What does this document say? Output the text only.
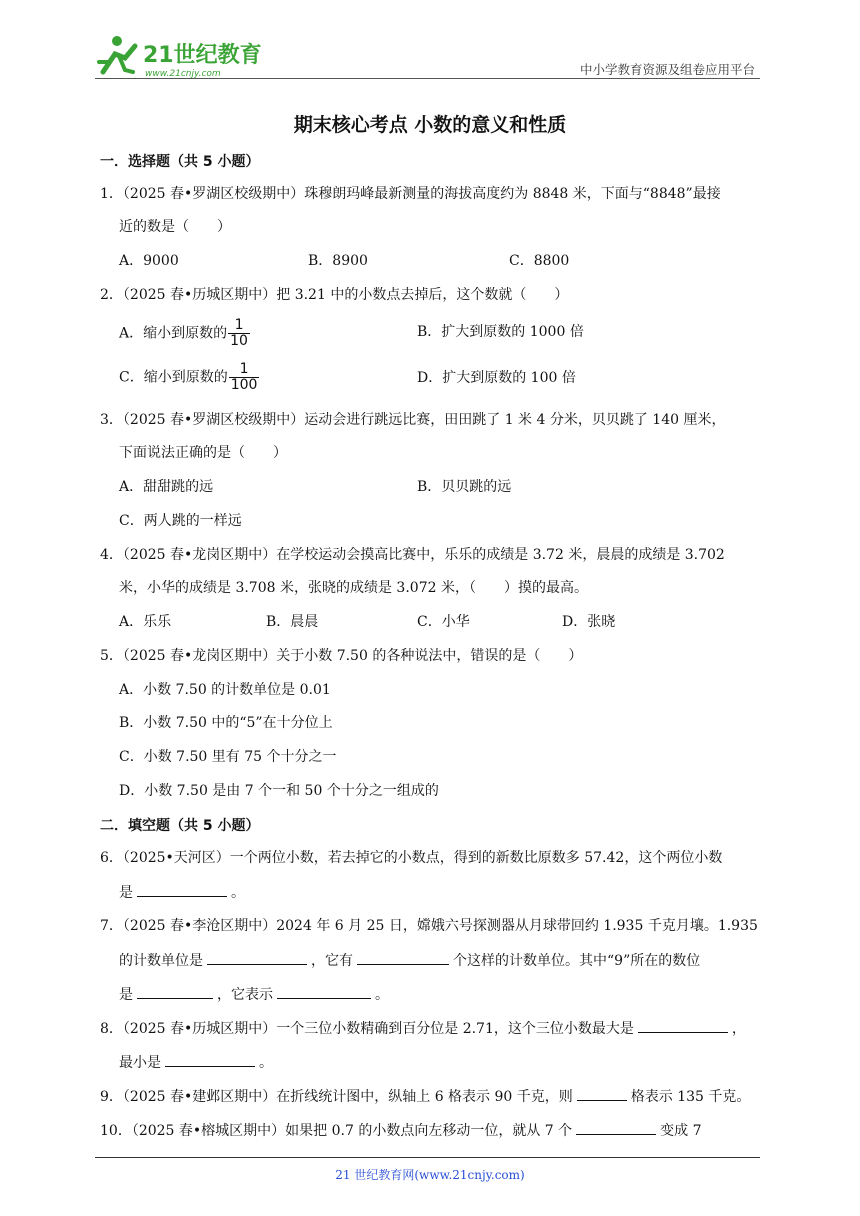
21世纪教育
www.21cnjy.com	中小学教育资源及组卷应用平台
期末核心考点 小数的意义和性质
一．选择题（共 5 小题）
1．（2025 春•罗湖区校级期中）珠穆朗玛峰最新测量的海拔高度约为 8848 米，下面与“8848”最接
近的数是（　　）
A．9000	B．8900	C．8800
2．（2025 春•历城区期中）把 3.21 中的小数点去掉后，这个数就（　　）
A．缩小到原数的 $\frac{1}{10}$	B．扩大到原数的 1000 倍
C．缩小到原数的 $\frac{1}{100}$	D．扩大到原数的 100 倍
3．（2025 春•罗湖区校级期中）运动会进行跳远比赛，田田跳了 1 米 4 分米，贝贝跳了 140 厘米，
下面说法正确的是（　　）
A．甜甜跳的远	B．贝贝跳的远
C．两人跳的一样远
4．（2025 春•龙岗区期中）在学校运动会摸高比赛中，乐乐的成绩是 3.72 米，晨晨的成绩是 3.702
米，小华的成绩是 3.708 米，张晓的成绩是 3.072 米，（　　）摸的最高。
A．乐乐	B．晨晨	C．小华	D．张晓
5．（2025 春•龙岗区期中）关于小数 7.50 的各种说法中，错误的是（　　）
A．小数 7.50 的计数单位是 0.01
B．小数 7.50 中的“5”在十分位上
C．小数 7.50 里有 75 个十分之一
D．小数 7.50 是由 7 个一和 50 个十分之一组成的
二．填空题（共 5 小题）
6．（2025•天河区）一个两位小数，若去掉它的小数点，得到的新数比原数多 57.42，这个两位小数
是	。
7．（2025 春•李沧区期中）2024 年 6 月 25 日，嫦娥六号探测器从月球带回约 1.935 千克月壤。1.935
的计数单位是	，它有	个这样的计数单位。其中“9”所在的数位
是	，它表示	。
8．（2025 春•历城区期中）一个三位小数精确到百分位是 2.71，这个三位小数最大是	，
最小是	。
9．（2025 春•建邺区期中）在折线统计图中，纵轴上 6 格表示 90 千克，则	格表示 135 千克。
10．（2025 春•榕城区期中）如果把 0.7 的小数点向左移动一位，就从 7 个	变成 7
21 世纪教育网(www.21cnjy.com)
